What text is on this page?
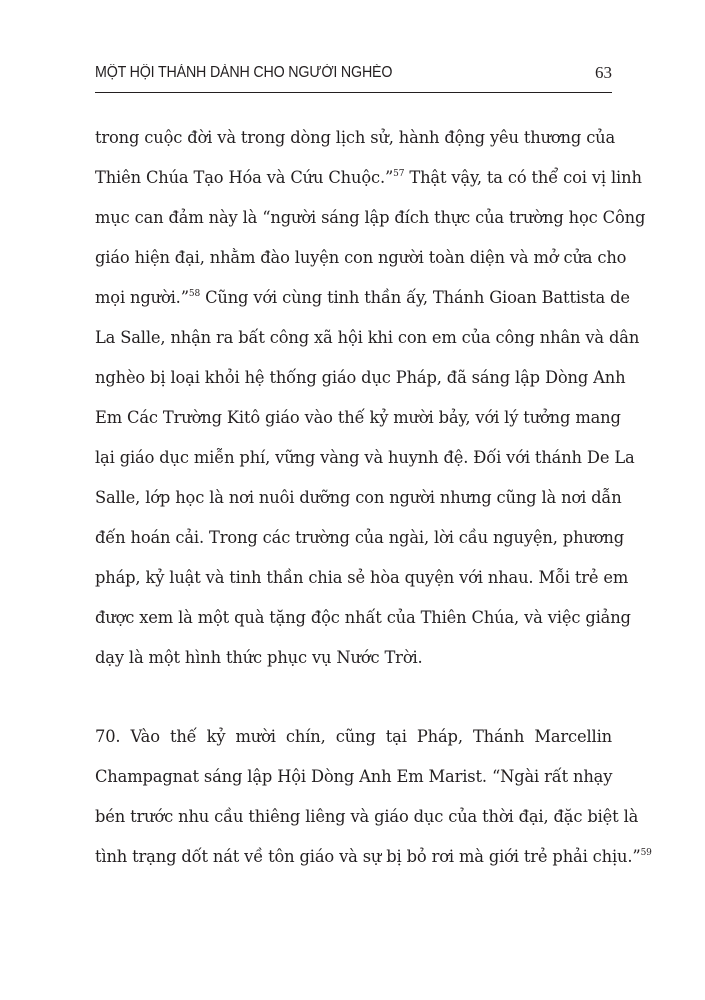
MỘT HỘI THÁNH DÀNH CHO NGƯỜI NGHÈO	63

trong cuộc đời và trong dòng lịch sử, hành động yêu thương của
Thiên Chúa Tạo Hóa và Cứu Chuộc.”$^{57}$ Thật vậy, ta có thể coi vị linh
mục can đảm này là “người sáng lập đích thực của trường học Công
giáo hiện đại, nhằm đào luyện con người toàn diện và mở cửa cho
mọi người.”$^{58}$ Cũng với cùng tinh thần ấy, Thánh Gioan Battista de
La Salle, nhận ra bất công xã hội khi con em của công nhân và dân
nghèo bị loại khỏi hệ thống giáo dục Pháp, đã sáng lập Dòng Anh
Em Các Trường Kitô giáo vào thế kỷ mười bảy, với lý tưởng mang
lại giáo dục miễn phí, vững vàng và huynh đệ. Đối với thánh De La
Salle, lớp học là nơi nuôi dưỡng con người nhưng cũng là nơi dẫn
đến hoán cải. Trong các trường của ngài, lời cầu nguyện, phương
pháp, kỷ luật và tinh thần chia sẻ hòa quyện với nhau. Mỗi trẻ em
được xem là một quà tặng độc nhất của Thiên Chúa, và việc giảng
dạy là một hình thức phục vụ Nước Trời.

70. Vào thế kỷ mười chín, cũng tại Pháp, Thánh Marcellin
Champagnat sáng lập Hội Dòng Anh Em Marist. “Ngài rất nhạy
bén trước nhu cầu thiêng liêng và giáo dục của thời đại, đặc biệt là
tình trạng dốt nát về tôn giáo và sự bị bỏ rơi mà giới trẻ phải chịu.”$^{59}$
